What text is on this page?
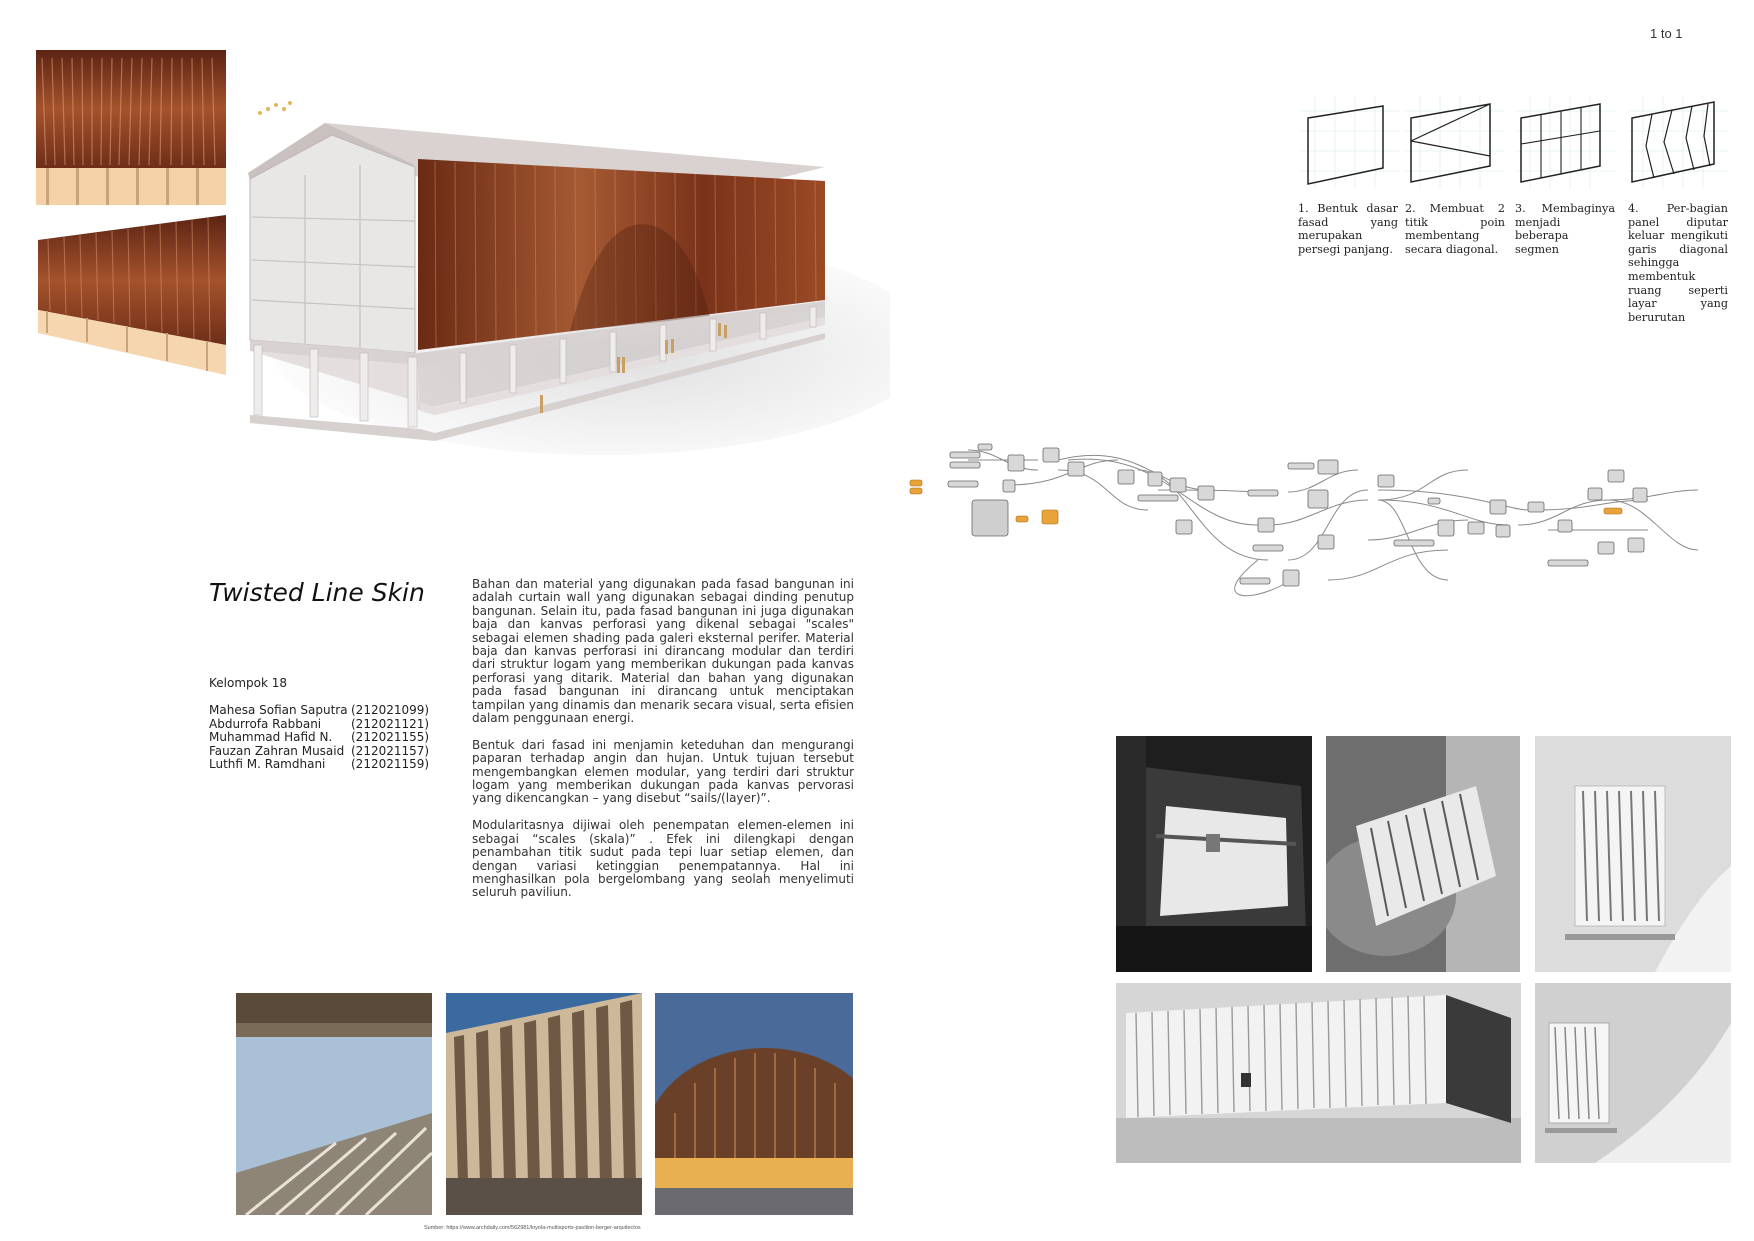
1 to 1
1. Bentuk dasar fasad yang merupakan persegi panjang.
2. Membuat 2 titik poin membentang secara diagonal.
3. Membaginya menjadi beberapa segmen
4. Per-bagian panel diputar keluar mengikuti garis diagonal sehingga membentuk ruang seperti layar yang berurutan
Twisted Line Skin
Kelompok 18
Mahesa Sofian Saputra (212021099)
Abdurrofa Rabbani	(212021121)
Muhammad Hafid N.	(212021155)
Fauzan Zahran Musaid (212021157)
Luthfi M. Ramdhani	(212021159)

Bahan dan material yang digunakan pada fasad bangunan ini adalah curtain wall yang digunakan sebagai dinding penutup bangunan. Selain itu, pada fasad bangunan ini juga digunakan baja dan kanvas perforasi yang dikenal sebagai "scales" sebagai elemen shading pada galeri eksternal perifer. Material baja dan kanvas perforasi ini dirancang modular dan terdiri dari struktur logam yang memberikan dukungan pada kanvas perforasi yang ditarik. Material dan bahan yang digunakan pada fasad bangunan ini dirancang untuk menciptakan tampilan yang dinamis dan menarik secara visual, serta efisien dalam penggunaan energi.

Bentuk dari fasad ini menjamin keteduhan dan mengurangi paparan terhadap angin dan hujan. Untuk tujuan tersebut mengembangkan elemen modular, yang terdiri dari struktur logam yang memberikan dukungan pada kanvas pervorasi yang dikencangkan – yang disebut “sails/(layer)”.

Modularitasnya dijiwai oleh penempatan elemen-elemen ini sebagai “scales (skala)” . Efek ini dilengkapi dengan penambahan titik sudut pada tepi luar setiap elemen, dan dengan variasi ketinggian penempatannya. Hal ini menghasilkan pola bergelombang yang seolah menyelimuti seluruh paviliun.

Sumber: https://www.archdaily.com/562981/loyola-multisports-pavilion-berger-arquitectos
